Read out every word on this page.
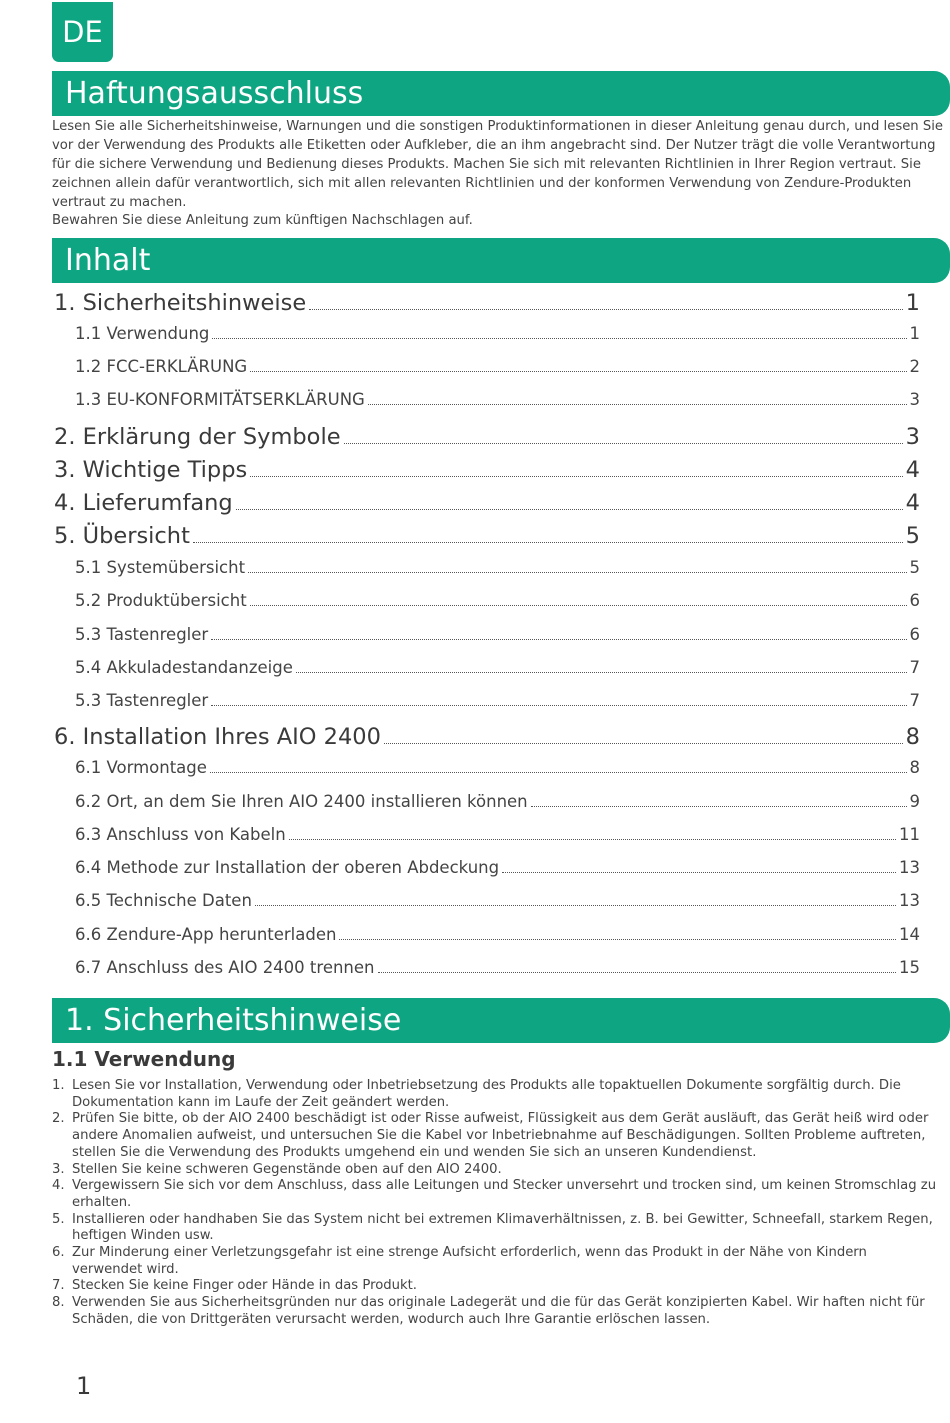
DE
Haftungsausschluss

Lesen Sie alle Sicherheitshinweise, Warnungen und die sonstigen Produktinformationen in dieser Anleitung genau durch, und lesen Sie vor der Verwendung des Produkts alle Etiketten oder Aufkleber, die an ihm angebracht sind. Der Nutzer trägt die volle Verantwortung für die sichere Verwendung und Bedienung dieses Produkts. Machen Sie sich mit relevanten Richtlinien in Ihrer Region vertraut. Sie zeichnen allein dafür verantwortlich, sich mit allen relevanten Richtlinien und der konformen Verwendung von Zendure-Produkten vertraut zu machen.

Bewahren Sie diese Anleitung zum künftigen Nachschlagen auf.

Inhalt
1. Sicherheitshinweise	1
1.1 Verwendung	1
1.2 FCC-ERKLÄRUNG	2
1.3 EU-KONFORMITÄTSERKLÄRUNG	3
2. Erklärung der Symbole	3
3. Wichtige Tipps	4
4. Lieferumfang	4
5. Übersicht	5
5.1 Systemübersicht	5
5.2 Produktübersicht	6
5.3 Tastenregler	6
5.4 Akkuladestandanzeige	7
5.3 Tastenregler	7
6. Installation Ihres AIO 2400	8
6.1 Vormontage	8
6.2 Ort, an dem Sie Ihren AIO 2400 installieren können	9
6.3 Anschluss von Kabeln	11
6.4 Methode zur Installation der oberen Abdeckung	13
6.5 Technische Daten	13
6.6 Zendure-App herunterladen	14
6.7 Anschluss des AIO 2400 trennen	15
1. Sicherheitshinweise
1.1 Verwendung
1. Lesen Sie vor Installation, Verwendung oder Inbetriebsetzung des Produkts alle topaktuellen Dokumente sorgfältig durch. Die Dokumentation kann im Laufe der Zeit geändert werden.
2. Prüfen Sie bitte, ob der AIO 2400 beschädigt ist oder Risse aufweist, Flüssigkeit aus dem Gerät ausläuft, das Gerät heiß wird oder andere Anomalien aufweist, und untersuchen Sie die Kabel vor Inbetriebnahme auf Beschädigungen. Sollten Probleme auftreten, stellen Sie die Verwendung des Produkts umgehend ein und wenden Sie sich an unseren Kundendienst.
3. Stellen Sie keine schweren Gegenstände oben auf den AIO 2400.
4. Vergewissern Sie sich vor dem Anschluss, dass alle Leitungen und Stecker unversehrt und trocken sind, um keinen Stromschlag zu erhalten.
5. Installieren oder handhaben Sie das System nicht bei extremen Klimaverhältnissen, z. B. bei Gewitter, Schneefall, starkem Regen, heftigen Winden usw.
6. Zur Minderung einer Verletzungsgefahr ist eine strenge Aufsicht erforderlich, wenn das Produkt in der Nähe von Kindern verwendet wird.
7. Stecken Sie keine Finger oder Hände in das Produkt.
8. Verwenden Sie aus Sicherheitsgründen nur das originale Ladegerät und die für das Gerät konzipierten Kabel. Wir haften nicht für Schäden, die von Drittgeräten verursacht werden, wodurch auch Ihre Garantie erlöschen lassen.
1
